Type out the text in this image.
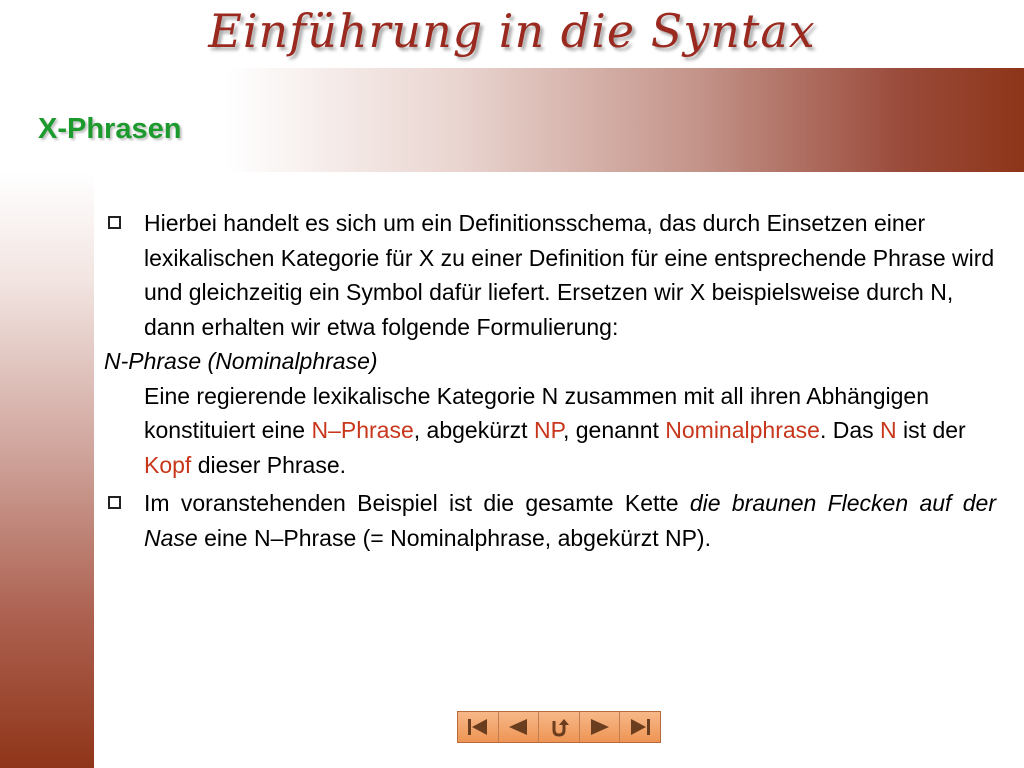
Einführung in die Syntax
X-Phrasen
Hierbei handelt es sich um ein Definitionsschema, das durch Einsetzen einer lexikalischen Kategorie für X zu einer Definition für eine entsprechende Phrase wird und gleichzeitig ein Symbol dafür liefert. Ersetzen wir X beispielsweise durch N, dann erhalten wir etwa folgende Formulierung:
N-Phrase (Nominalphrase)
Eine regierende lexikalische Kategorie N zusammen mit all ihren Abhängigen konstituiert eine N–Phrase, abgekürzt NP, genannt Nominalphrase. Das N ist der Kopf dieser Phrase.
Im voranstehenden Beispiel ist die gesamte Kette die braunen Flecken auf der Nase eine N–Phrase (= Nominalphrase, abgekürzt NP).
